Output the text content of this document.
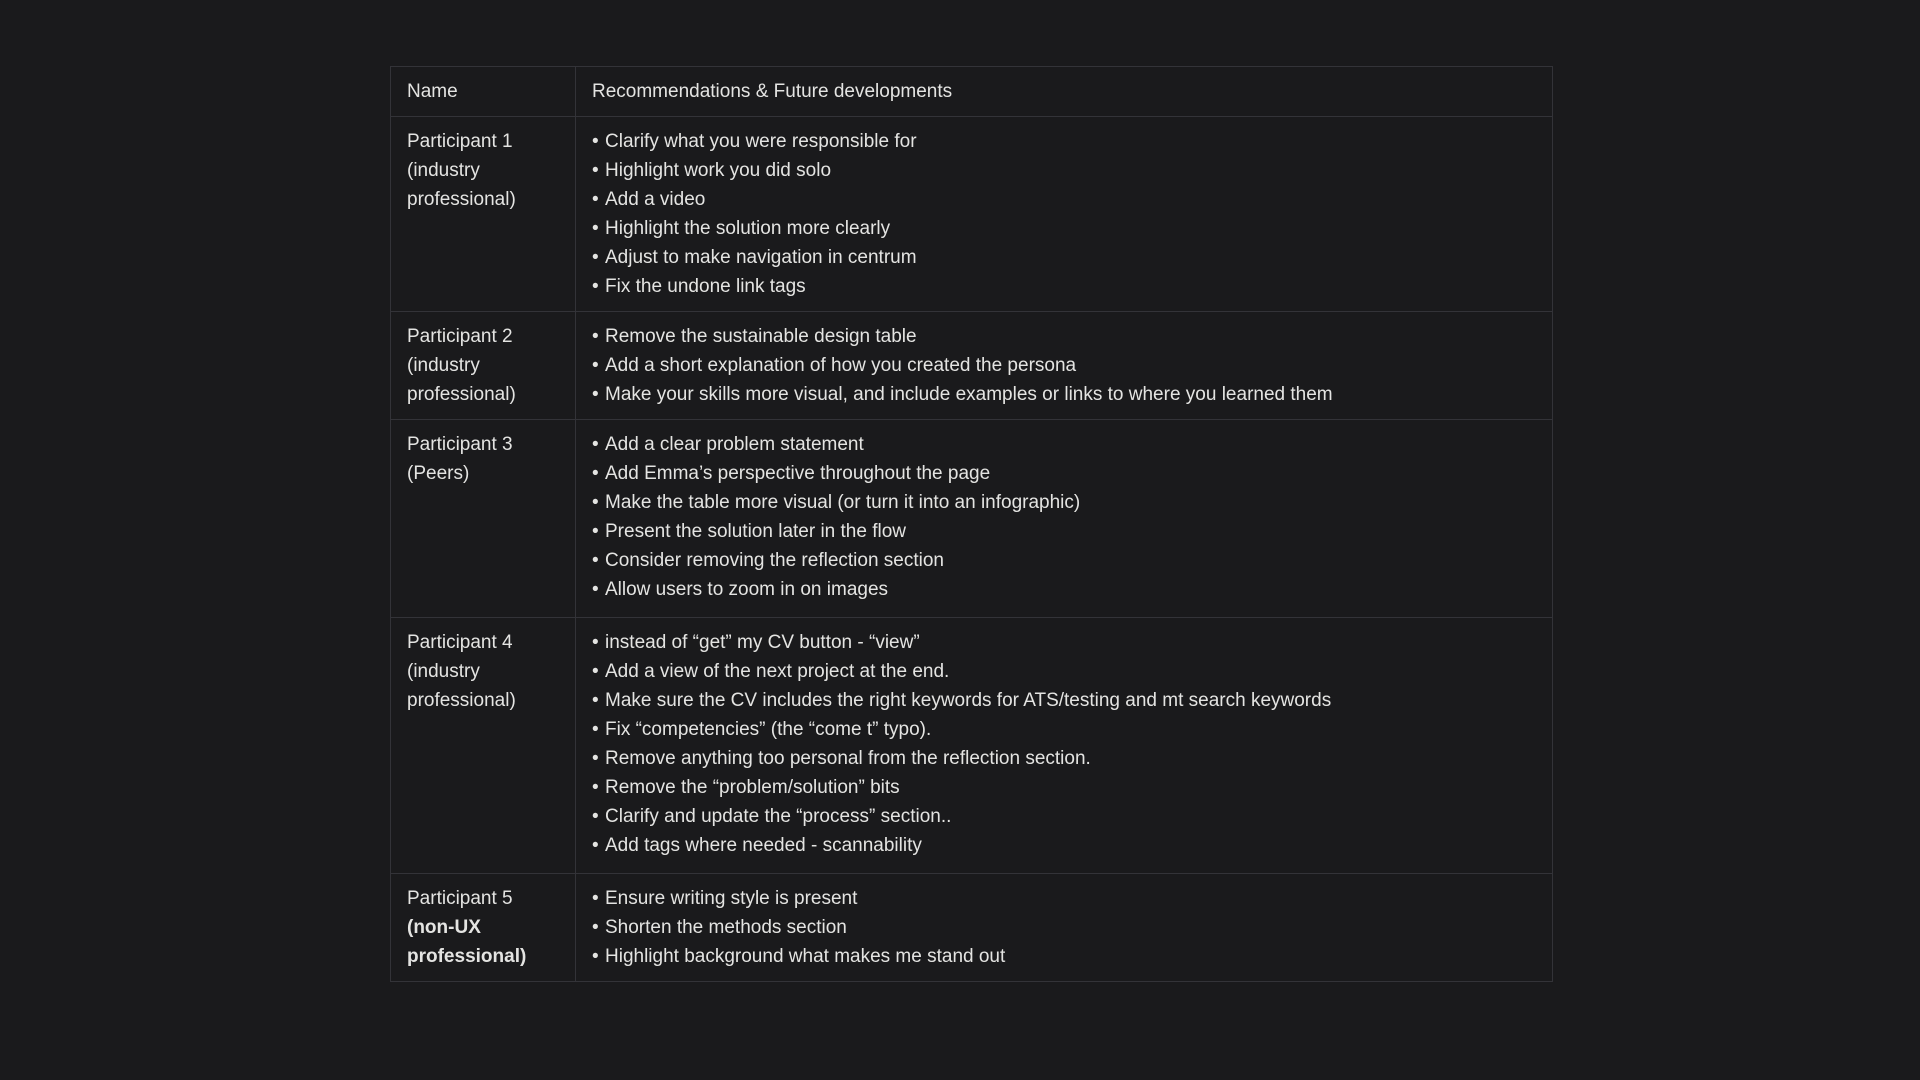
Name	Recommendations & Future developments
Participant 1 (industry professional)
•
Clarify what you were responsible for
•
Highlight work you did solo
•
Add a video
•
Highlight the solution more clearly
•
Adjust to make navigation in centrum
•
Fix the undone link tags
Participant 2 (industry professional)
•
Remove the sustainable design table
•
Add a short explanation of how you created the persona
•
Make your skills more visual, and include examples or links to where you learned them
Participant 3 (Peers)
•
Add a clear problem statement
•
Add Emma’s perspective throughout the page
•
Make the table more visual (or turn it into an infographic)
•
Present the solution later in the flow
•
Consider removing the reflection section
•
Allow users to zoom in on images
Participant 4 (industry professional)
•
instead of “get” my CV button - “view”
•
Add a view of the next project at the end.
•
Make sure the CV includes the right keywords for ATS/testing and mt search keywords
•
Fix “competencies” (the “come t” typo).
•
Remove anything too personal from the reflection section.
•
Remove the “problem/solution” bits
•
Clarify and update the “process” section..
•
Add tags where needed - scannability
Participant 5 (non-UX professional)
•
Ensure writing style is present
•
Shorten the methods section
•
Highlight background what makes me stand out
